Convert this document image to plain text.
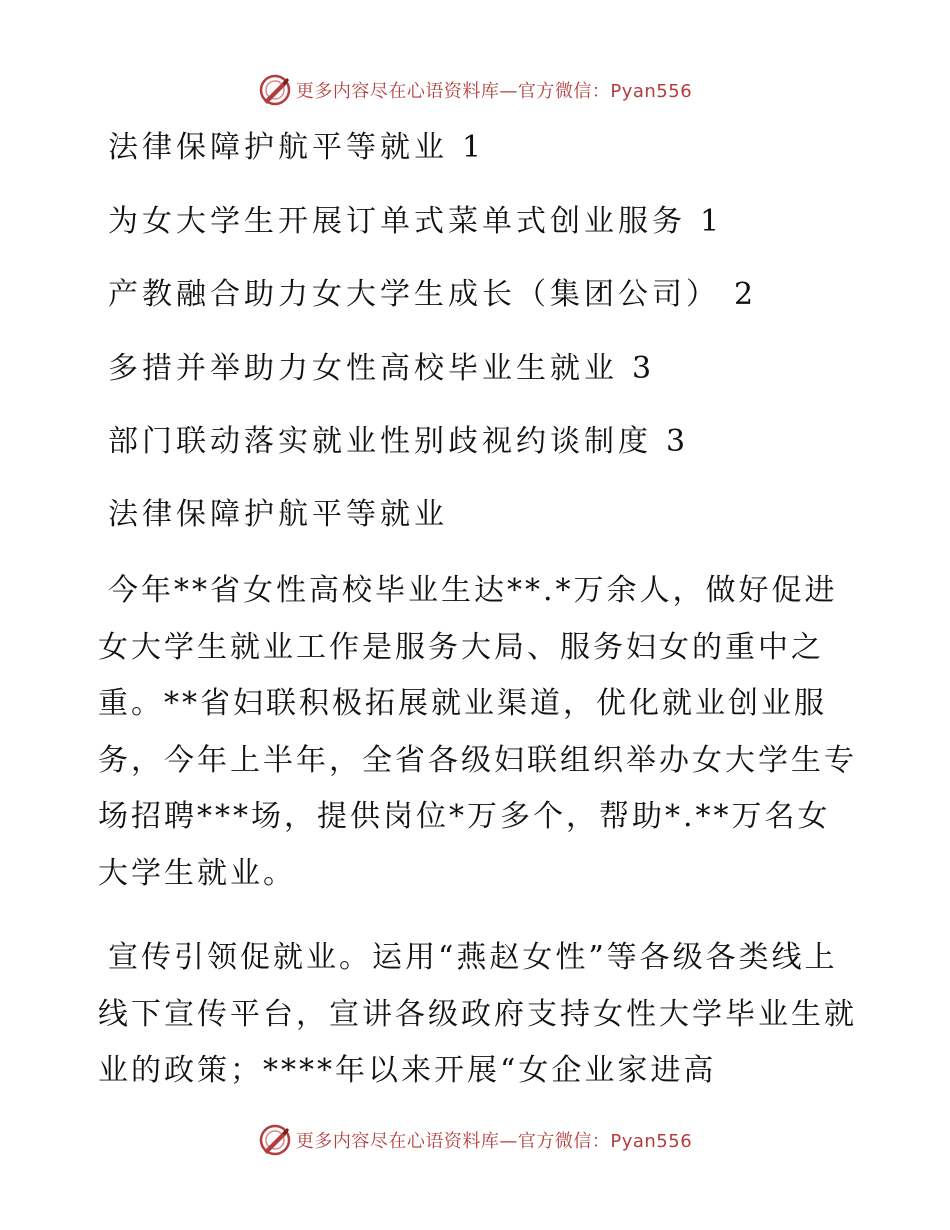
更多内容尽在心语资料库—官方微信：Pyan556
法律保障护航平等就业 1
为女大学生开展订单式菜单式创业服务 1
产教融合助力女大学生成长（集团公司） 2
多措并举助力女性高校毕业生就业 3
部门联动落实就业性别歧视约谈制度 3
法律保障护航平等就业

今年**省女性高校毕业生达**.*万余人，做好促进女大学生就业工作是服务大局、服务妇女的重中之重。**省妇联积极拓展就业渠道，优化就业创业服务，今年上半年，全省各级妇联组织举办女大学生专场招聘***场，提供岗位*万多个，帮助*.**万名女大学生就业。

宣传引领促就业。运用“燕赵女性”等各级各类线上线下宣传平台，宣讲各级政府支持女性大学毕业生就业的政策；****年以来开展“女企业家进高

更多内容尽在心语资料库—官方微信：Pyan556
